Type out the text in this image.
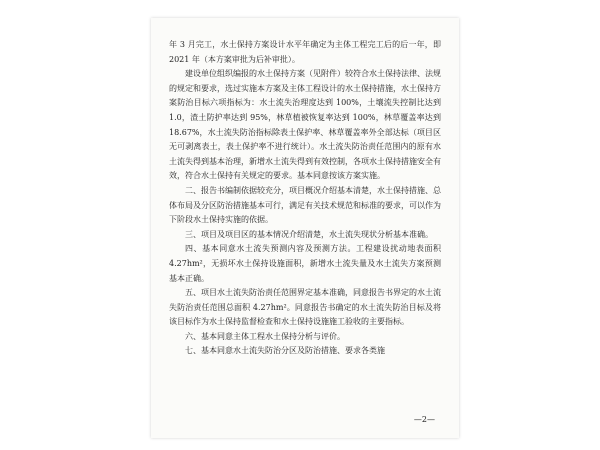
年 3 月完工，水土保持方案设计水平年确定为主体工程完工后的后一年，即 2021 年（本方案审批为后补审批）。

建设单位组织编报的水土保持方案（见附件）较符合水土保持法律、法规的规定和要求，选过实施本方案及主体工程设计的水土保持措施，水土保持方案防治目标六项指标为：水土流失治理度达到 100%，土壤流失控制比达到 1.0，渣土防护率达到 95%，林草植被恢复率达到 100%，林草覆盖率达到 18.67%，水土流失防治指标除表土保护率、林草覆盖率外全部达标（项目区无可剥离表土，表土保护率不进行统计）。水土流失防治责任范围内的原有水土流失得到基本治理，新增水土流失得到有效控制，各项水土保持措施安全有效，符合水土保持有关规定的要求。基本同意按该方案实施。

二、报告书编制依据较充分，项目概况介绍基本清楚，水土保持措施、总体布局及分区防治措施基本可行，满足有关技术规范和标准的要求，可以作为下阶段水土保持实施的依据。

三、项目及项目区的基本情况介绍清楚，水土流失现状分析基本准确。

四、基本同意水土流失预测内容及预测方法。工程建设扰动地表面积 4.27hm²，无损坏水土保持设施面积，新增水土流失量及水土流失方案预测基本正确。

五、项目水土流失防治责任范围界定基本准确，同意报告书界定的水土流失防治责任范围总面积 4.27hm²。同意报告书确定的水土流失防治目标及将该目标作为水土保持监督检查和水土保持设施施工验收的主要指标。

六、基本同意主体工程水土保持分析与评价。

七、基本同意水土流失防治分区及防治措施、要求各类施

—2—
